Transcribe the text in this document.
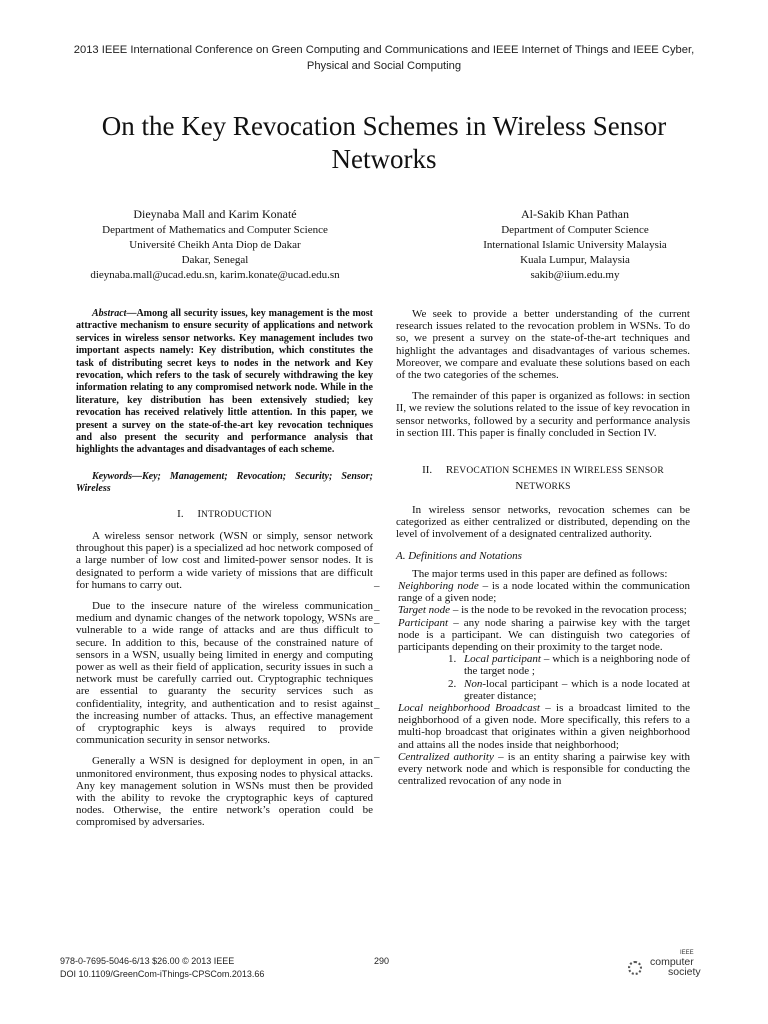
2013 IEEE International Conference on Green Computing and Communications and IEEE Internet of Things and IEEE Cyber,
Physical and Social Computing
On the Key Revocation Schemes in Wireless Sensor
Networks
Dieynaba Mall and Karim Konaté
Department of Mathematics and Computer Science
Université Cheikh Anta Diop de Dakar
Dakar, Senegal
dieynaba.mall@ucad.edu.sn, karim.konate@ucad.edu.sn
Al-Sakib Khan Pathan
Department of Computer Science
International Islamic University Malaysia
Kuala Lumpur, Malaysia
sakib@iium.edu.my

Abstract—Among all security issues, key management is the most attractive mechanism to ensure security of applications and network services in wireless sensor networks. Key management includes two important aspects namely: Key distribution, which constitutes the task of distributing secret keys to nodes in the network and Key revocation, which refers to the task of securely withdrawing the key information relating to any compromised network node. While in the literature, key distribution has been extensively studied; key revocation has received relatively little attention. In this paper, we present a survey on the state-of-the-art key revocation techniques and also present the security and performance analysis that highlights the advantages and disadvantages of each scheme.

Keywords—Key; Management; Revocation; Security; Sensor; Wireless

I. INTRODUCTION

A wireless sensor network (WSN or simply, sensor network throughout this paper) is a specialized ad hoc network composed of a large number of low cost and limited-power sensor nodes. It is designated to perform a wide variety of missions that are difficult for humans to carry out.

Due to the insecure nature of the wireless communication medium and dynamic changes of the network topology, WSNs are vulnerable to a wide range of attacks and are thus difficult to secure. In addition to this, because of the constrained nature of sensors in a WSN, usually being limited in energy and computing power as well as their field of application, security issues in such a network must be carefully carried out. Cryptographic techniques are essential to guaranty the security services such as confidentiality, integrity, and authentication and to resist against the increasing number of attacks. Thus, an effective management of cryptographic keys is always required to provide communication security in sensor networks.

Generally a WSN is designed for deployment in open, in an unmonitored environment, thus exposing nodes to physical attacks. Any key management solution in WSNs must then be provided with the ability to revoke the cryptographic keys of captured nodes. Otherwise, the entire network’s operation could be compromised by adversaries.

We seek to provide a better understanding of the current research issues related to the revocation problem in WSNs. To do so, we present a survey on the state-of-the-art techniques and highlight the advantages and disadvantages of various schemes. Moreover, we compare and evaluate these solutions based on each of the two categories of the schemes.

The remainder of this paper is organized as follows: in section II, we review the solutions related to the issue of key revocation in sensor networks, followed by a security and performance analysis in section III. This paper is finally concluded in Section IV.

II. REVOCATION SCHEMES IN WIRELESS SENSOR
NETWORKS

In wireless sensor networks, revocation schemes can be categorized as either centralized or distributed, depending on the level of involvement of a designated centralized authority.

A. Definitions and Notations

The major terms used in this paper are defined as follows:

– Neighboring node – is a node located within the communication range of a given node;
– Target node – is the node to be revoked in the revocation process;
– Participant – any node sharing a pairwise key with the target node is a participant. We can distinguish two categories of participants depending on their proximity to the target node.
1. Local participant – which is a neighboring node of the target node ;
2. Non-local participant – which is a node located at greater distance;
– Local neighborhood Broadcast – is a broadcast limited to the neighborhood of a given node. More specifically, this refers to a multi-hop broadcast that originates within a given neighborhood and attains all the nodes inside that neighborhood;
– Centralized authority – is an entity sharing a pairwise key with every network node and which is responsible for conducting the centralized revocation of any node in
978-0-7695-5046-6/13 $26.00 © 2013 IEEE
DOI 10.1109/GreenCom-iThings-CPSCom.2013.66
290
IEEE
computer
society
